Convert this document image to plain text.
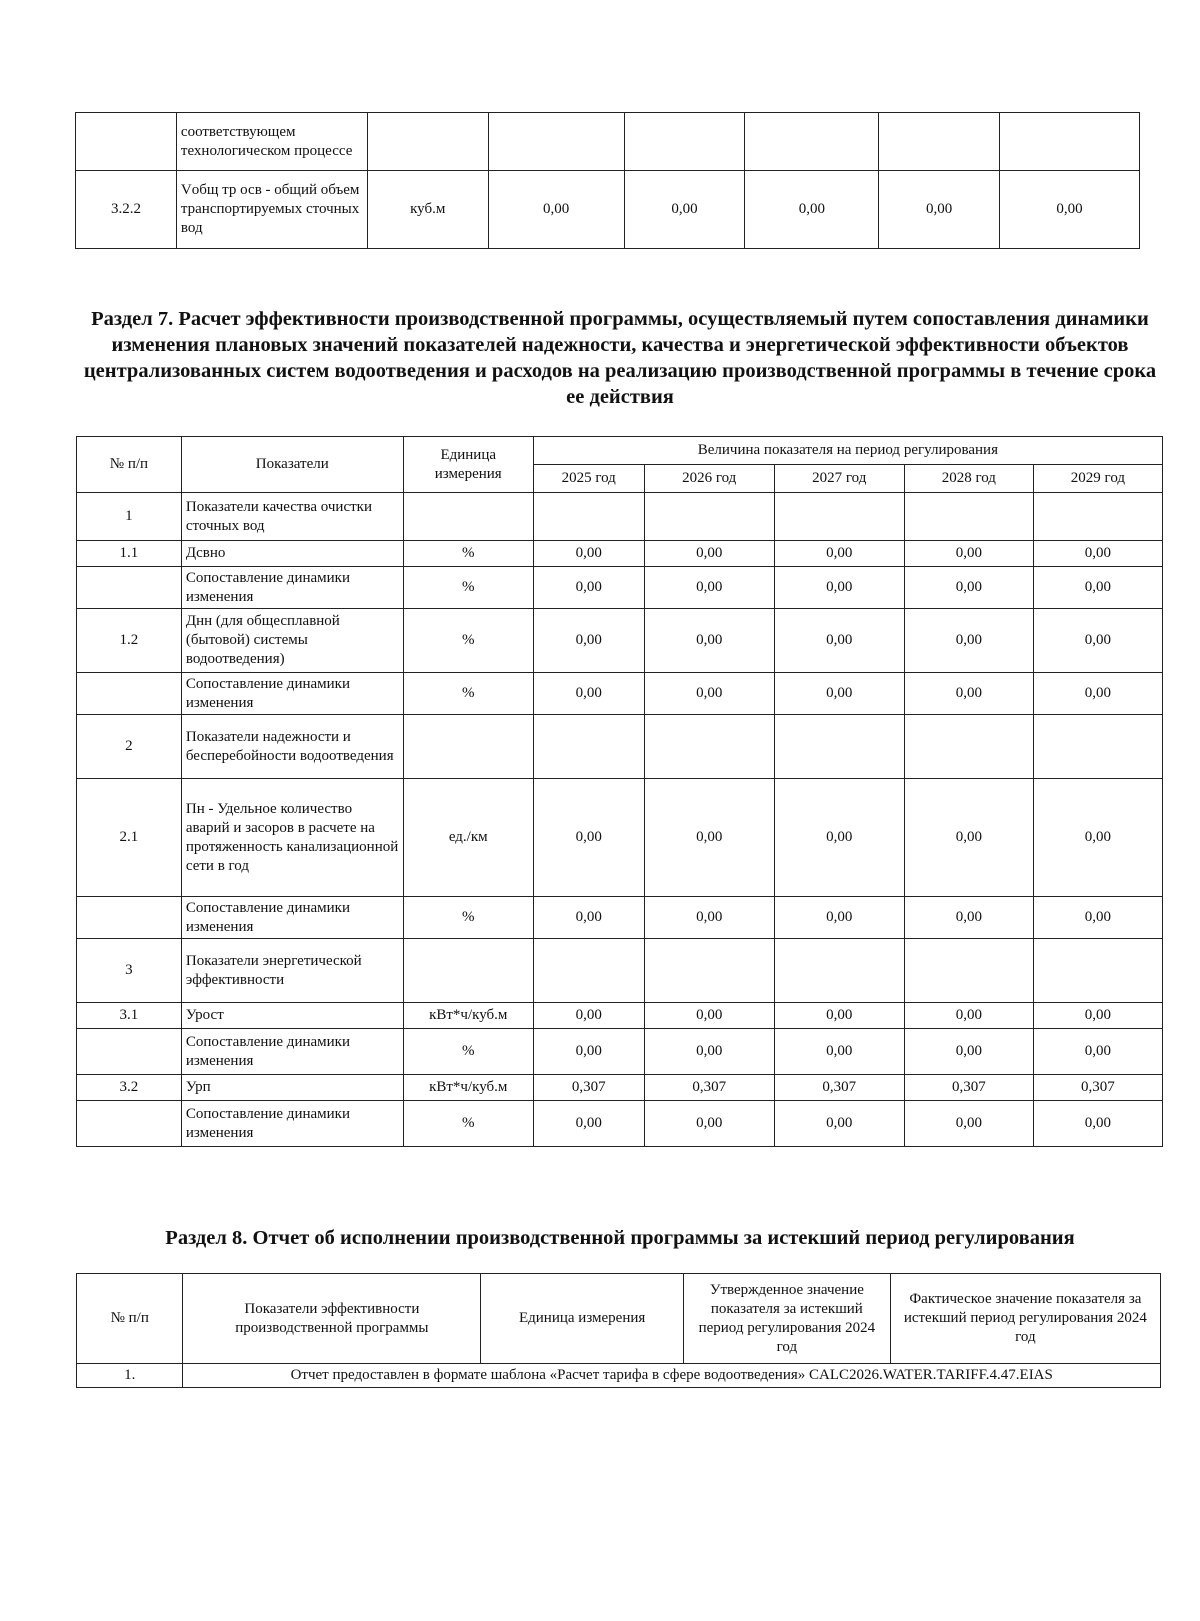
	соответствующем технологическом процессе						
3.2.2	Vобщ тр осв - общий объем транспортируемых сточных вод	куб.м	0,00	0,00	0,00	0,00	0,00
Раздел 7. Расчет эффективности производственной программы, осуществляемый путем сопоставления динамики изменения плановых значений показателей надежности, качества и энергетической эффективности объектов централизованных систем водоотведения и расходов на реализацию производственной программы в течение срока ее действия
№ п/п	Показатели	Единица измерения	Величина показателя на период регулирования				
			2025 год	2026 год	2027 год	2028 год	2029 год
1	Показатели качества очистки сточных вод						
1.1	Дсвно	%	0,00	0,00	0,00	0,00	0,00
	Сопоставление динамики изменения	%	0,00	0,00	0,00	0,00	0,00
1.2	Днн (для общесплавной (бытовой) системы водоотведения)	%	0,00	0,00	0,00	0,00	0,00
	Сопоставление динамики изменения	%	0,00	0,00	0,00	0,00	0,00
2	Показатели надежности и бесперебойности водоотведения						
2.1	Пн - Удельное количество аварий и засоров в расчете на протяженность канализационной сети в год	ед./км	0,00	0,00	0,00	0,00	0,00
	Сопоставление динамики изменения	%	0,00	0,00	0,00	0,00	0,00
3	Показатели энергетической эффективности						
3.1	Урост	кВт*ч/куб.м	0,00	0,00	0,00	0,00	0,00
	Сопоставление динамики изменения	%	0,00	0,00	0,00	0,00	0,00
3.2	Урп	кВт*ч/куб.м	0,307	0,307	0,307	0,307	0,307
	Сопоставление динамики изменения	%	0,00	0,00	0,00	0,00	0,00
Раздел 8. Отчет об исполнении производственной программы за истекший период регулирования
№ п/п	Показатели эффективности производственной программы	Единица измерения	Утвержденное значение показателя за истекший период регулирования 2024 год	Фактическое значение показателя за истекший период регулирования 2024 год
1.	Отчет предоставлен в формате шаблона «Расчет тарифа в сфере водоотведения» CALC2026.WATER.TARIFF.4.47.EIAS			
